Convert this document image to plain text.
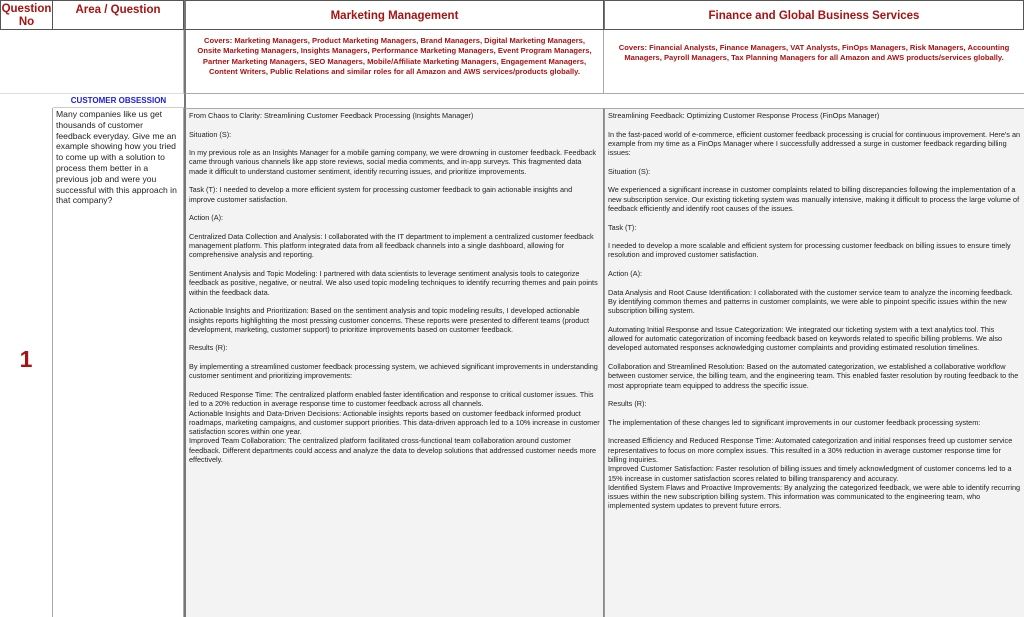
Question No
Area / Question	Marketing Management	Finance and Global Business Services
Covers: Marketing Managers, Product Marketing Managers, Brand Managers, Digital Marketing Managers, Onsite Marketing Managers, Insights Managers, Performance Marketing Managers, Event Program Managers, Partner Marketing Managers, SEO Managers, Mobile/Affiliate Marketing Managers, Engagement Managers, Content Writers, Public Relations and similar roles for all Amazon and AWS services/products globally.
Covers: Financial Analysts, Finance Managers, VAT Analysts, FinOps Managers, Risk Managers, Accounting Managers, Payroll Managers, Tax Planning Managers for all Amazon and AWS products/services globally.
CUSTOMER OBSESSION
1
Many companies like us get thousands of customer feedback everyday. Give me an example showing how you tried to come up with a solution to process them better in a previous job and were you successful with this approach in that company?

From Chaos to Clarity: Streamlining Customer Feedback Processing (Insights Manager)

Situation (S):

In my previous role as an Insights Manager for a mobile gaming company, we were drowning in customer feedback. Feedback came through various channels like app store reviews, social media comments, and in-app surveys. This fragmented data made it difficult to understand customer sentiment, identify recurring issues, and prioritize improvements.

Task (T): I needed to develop a more efficient system for processing customer feedback to gain actionable insights and improve customer satisfaction.

Action (A):

Centralized Data Collection and Analysis: I collaborated with the IT department to implement a centralized customer feedback management platform. This platform integrated data from all feedback channels into a single dashboard, allowing for comprehensive analysis and reporting.

Sentiment Analysis and Topic Modeling: I partnered with data scientists to leverage sentiment analysis tools to categorize feedback as positive, negative, or neutral. We also used topic modeling techniques to identify recurring themes and pain points within the feedback data.

Actionable Insights and Prioritization: Based on the sentiment analysis and topic modeling results, I developed actionable insights reports highlighting the most pressing customer concerns. These reports were presented to different teams (product development, marketing, customer support) to prioritize improvements based on customer feedback.

Results (R):

By implementing a streamlined customer feedback processing system, we achieved significant improvements in understanding customer sentiment and prioritizing improvements:

Reduced Response Time: The centralized platform enabled faster identification and response to critical customer issues. This led to a 20% reduction in average response time to customer feedback across all channels.

Actionable Insights and Data-Driven Decisions: Actionable insights reports based on customer feedback informed product roadmaps, marketing campaigns, and customer support priorities. This data-driven approach led to a 10% increase in customer satisfaction scores within one year.

Improved Team Collaboration: The centralized platform facilitated cross-functional team collaboration around customer feedback. Different departments could access and analyze the data to develop solutions that addressed customer needs more effectively.

Streamlining Feedback: Optimizing Customer Response Process (FinOps Manager)

In the fast-paced world of e-commerce, efficient customer feedback processing is crucial for continuous improvement. Here's an example from my time as a FinOps Manager where I successfully addressed a surge in customer feedback regarding billing issues:

Situation (S):

We experienced a significant increase in customer complaints related to billing discrepancies following the implementation of a new subscription service. Our existing ticketing system was manually intensive, making it difficult to process the large volume of feedback efficiently and identify root causes of the issues.

Task (T):

I needed to develop a more scalable and efficient system for processing customer feedback on billing issues to ensure timely resolution and improved customer satisfaction.

Action (A):

Data Analysis and Root Cause Identification: I collaborated with the customer service team to analyze the incoming feedback. By identifying common themes and patterns in customer complaints, we were able to pinpoint specific issues within the new subscription billing system.

Automating Initial Response and Issue Categorization: We integrated our ticketing system with a text analytics tool. This allowed for automatic categorization of incoming feedback based on keywords related to specific billing problems. We also developed automated responses acknowledging customer complaints and providing estimated resolution timelines.

Collaboration and Streamlined Resolution: Based on the automated categorization, we established a collaborative workflow between customer service, the billing team, and the engineering team. This enabled faster resolution by routing feedback to the most appropriate team equipped to address the specific issue.

Results (R):

The implementation of these changes led to significant improvements in our customer feedback processing system:

Increased Efficiency and Reduced Response Time: Automated categorization and initial responses freed up customer service representatives to focus on more complex issues. This resulted in a 30% reduction in average customer response time for billing inquiries.

Improved Customer Satisfaction: Faster resolution of billing issues and timely acknowledgment of customer concerns led to a 15% increase in customer satisfaction scores related to billing transparency and accuracy.

Identified System Flaws and Proactive Improvements: By analyzing the categorized feedback, we were able to identify recurring issues within the new subscription billing system. This information was communicated to the engineering team, who implemented system updates to prevent future errors.
